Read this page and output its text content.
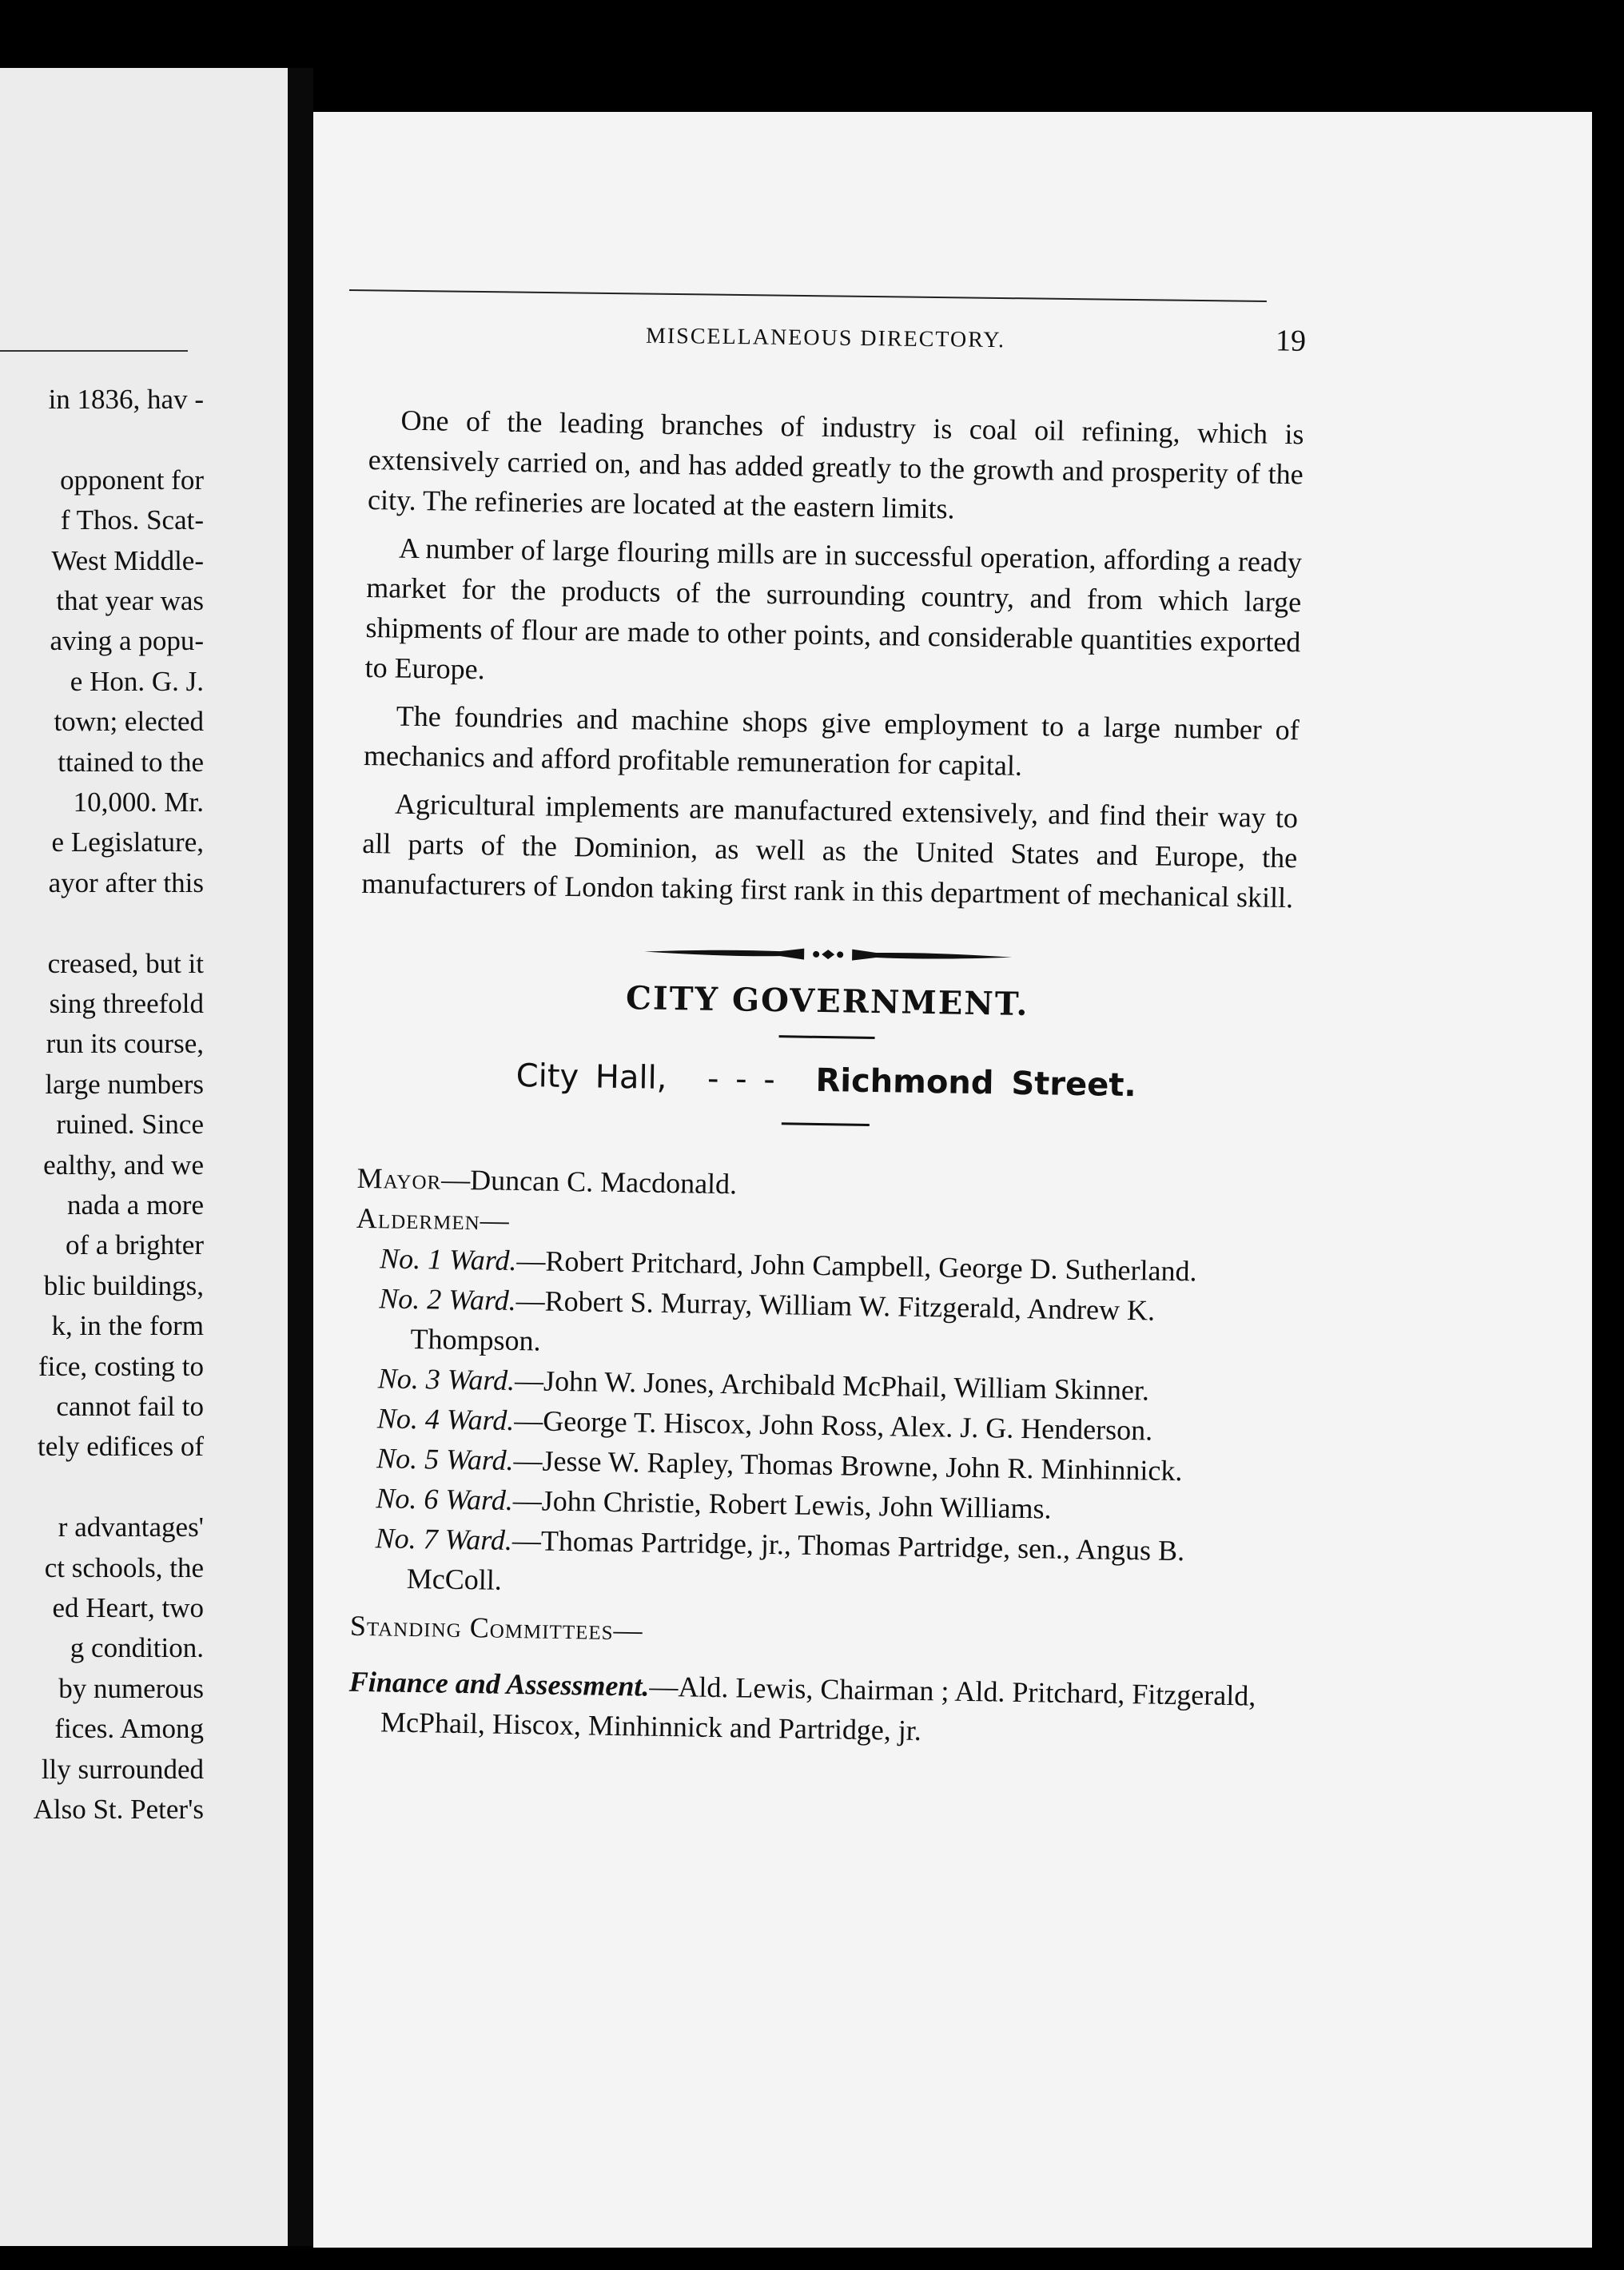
in 1836, hav -
opponent for
f Thos. Scat-
West Middle-
that year was
aving a popu-
e Hon. G. J.
town; elected
ttained to the
10,000. Mr.
e Legislature,
ayor after this
creased, but it
sing threefold
run its course,
large numbers
ruined. Since
ealthy, and we
nada a more
of a brighter
blic buildings,
k, in the form
fice, costing to
cannot fail to
tely edifices of
r advantages'
ct schools, the
ed Heart, two
g condition.
by numerous
fices. Among
lly surrounded
Also St. Peter's
MISCELLANEOUS DIRECTORY.	19

One of the leading branches of industry is coal oil refining, which is extensively carried on, and has added greatly to the growth and prosperity of the city. The refineries are located at the eastern limits.

A number of large flouring mills are in successful operation, affording a ready market for the products of the surrounding country, and from which large shipments of flour are made to other points, and considerable quantities exported to Europe.

The foundries and machine shops give employment to a large number of mechanics and afford profitable remuneration for capital.

Agricultural implements are manufactured extensively, and find their way to all parts of the Dominion, as well as the United States and Europe, the manufacturers of London taking first rank in this department of mechanical skill.

CITY GOVERNMENT.
City Hall, - - - Richmond Street.
Mayor—Duncan C. Macdonald.
Aldermen—
No. 1 Ward.—Robert Pritchard, John Campbell, George D. Sutherland.
No. 2 Ward.—Robert S. Murray, William W. Fitzgerald, Andrew K. Thompson.
No. 3 Ward.—John W. Jones, Archibald McPhail, William Skinner.
No. 4 Ward.—George T. Hiscox, John Ross, Alex. J. G. Henderson.
No. 5 Ward.—Jesse W. Rapley, Thomas Browne, John R. Minhinnick.
No. 6 Ward.—John Christie, Robert Lewis, John Williams.
No. 7 Ward.—Thomas Partridge, jr., Thomas Partridge, sen., Angus B. McColl.
Standing Committees—
Finance and Assessment.—Ald. Lewis, Chairman ; Ald. Pritchard, Fitzgerald, McPhail, Hiscox, Minhinnick and Partridge, jr.
